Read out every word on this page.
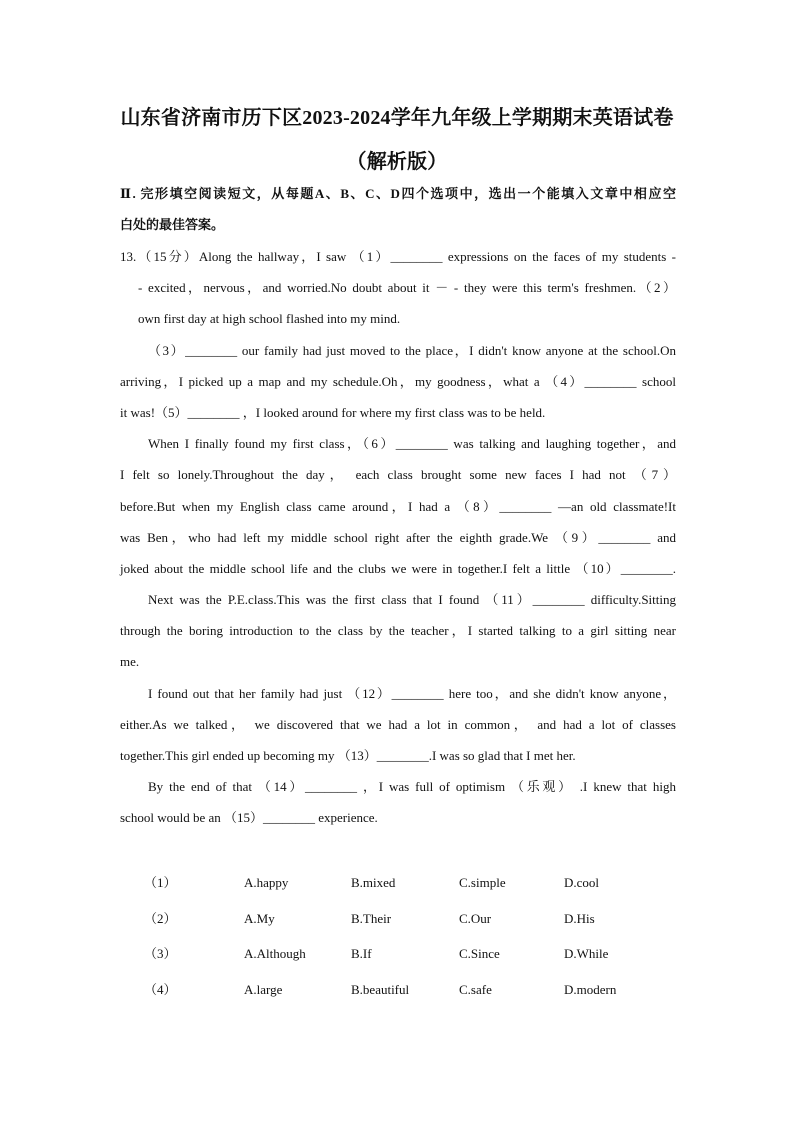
山东省济南市历下区2023-2024学年九年级上学期期末英语试卷
（解析版）
Ⅱ. 完形填空阅读短文，从每题A、B、C、D四个选项中，选出一个能填入文章中相应空
白处的最佳答案。
13.（15分）Along the hallway，I saw （1）________ expressions on the faces of my students -
- excited，nervous，and worried.No doubt about it － - they were this term's freshmen.（2）
own first day at high school flashed into my mind.
（3）________ our family had just moved to the place，I didn't know anyone at the school.On
arriving，I picked up a map and my schedule.Oh，my goodness，what a （4）________ school
it was!（5）________ ，I looked around for where my first class was to be held.
When I finally found my first class，（6）________ was talking and laughing together，and
I felt so lonely.Throughout the day， each class brought some new faces I had not （7）
before.But when my English class came around，I had a （8）________ —an old classmate!It
was Ben，who had left my middle school right after the eighth grade.We （9）________ and
joked about the middle school life and the clubs we were in together.I felt a little （10）________.
Next was the P.E.class.This was the first class that I found （11）________ difficulty.Sitting
through the boring introduction to the class by the teacher，I started talking to a girl sitting near
me.
I found out that her family had just （12）________ here too，and she didn't know anyone，
either.As we talked， we discovered that we had a lot in common， and had a lot of classes
together.This girl ended up becoming my （13）________.I was so glad that I met her.
By the end of that （14）________ ，I was full of optimism （乐观） .I knew that high
school would be an （15）________ experience.
（1）	A.happy	B.mixed	C.simple	D.cool
（2）	A.My	B.Their	C.Our	D.His
（3）	A.Although	B.If	C.Since	D.While
（4）	A.large	B.beautiful	C.safe	D.modern
